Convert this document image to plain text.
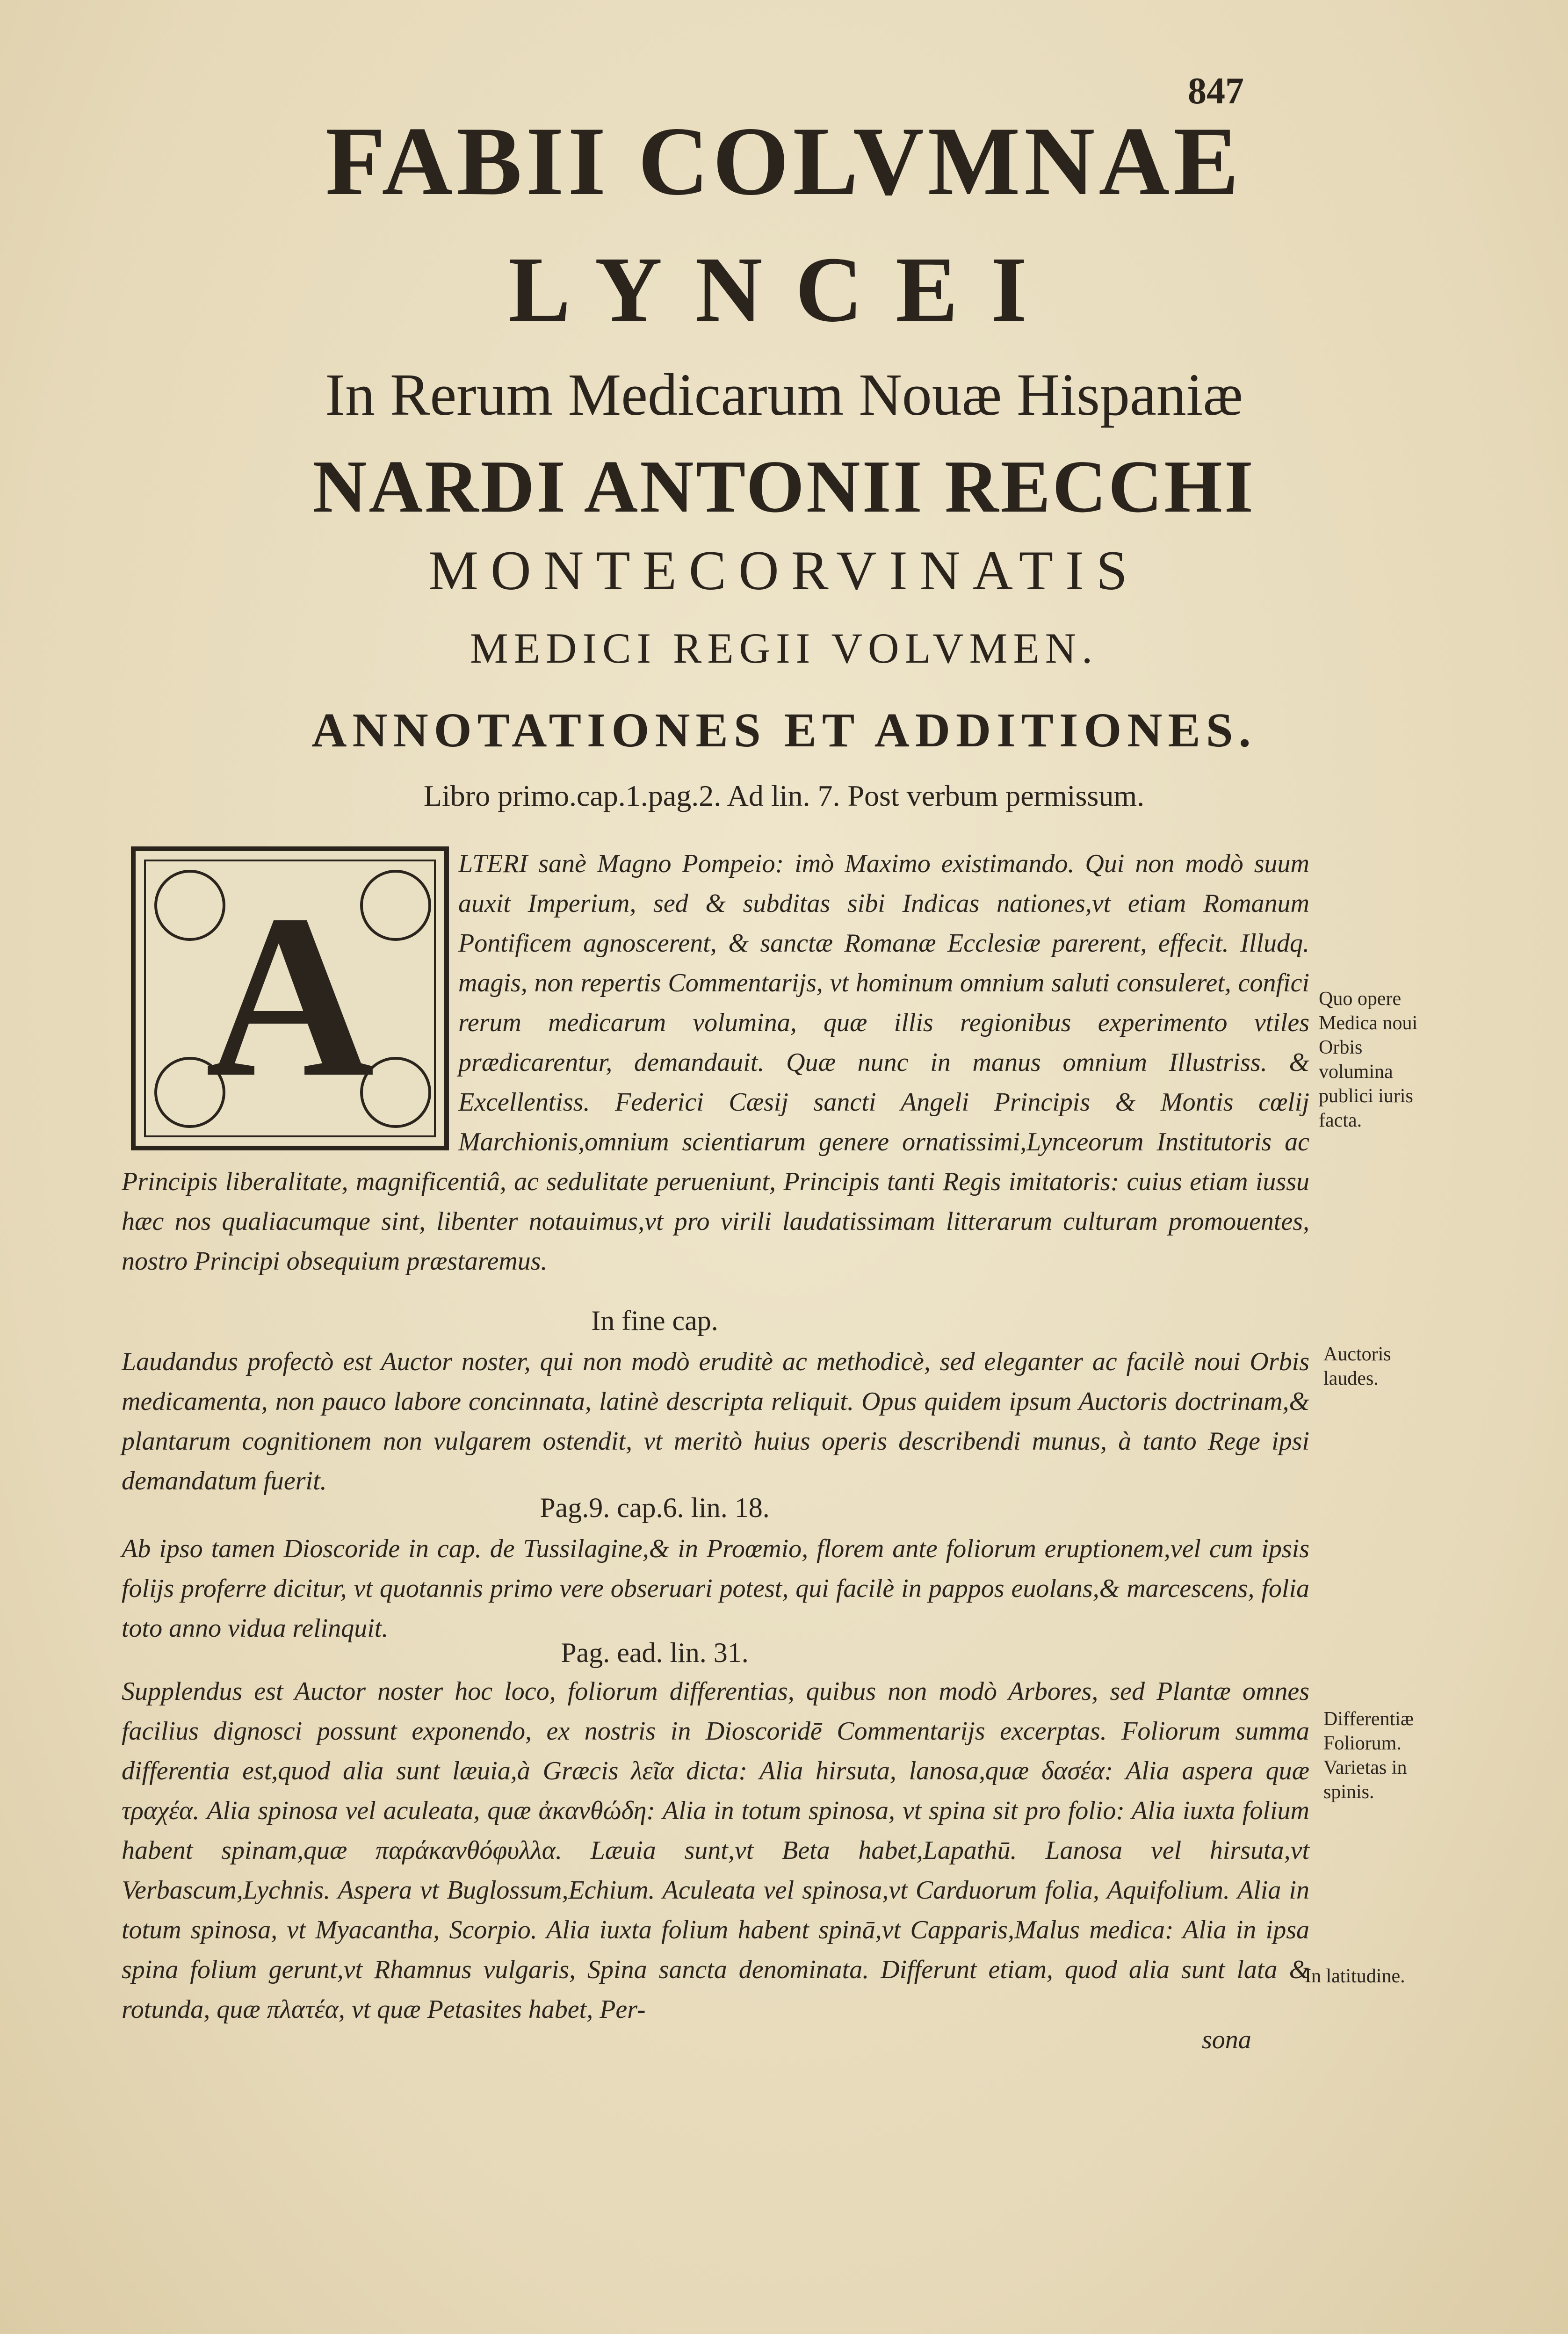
847
FABII COLVMNAE
LYNCEI
In Rerum Medicarum Nouæ Hispaniæ
NARDI ANTONII RECCHI
MONTECORVINATIS
MEDICI REGII VOLVMEN.
ANNOTATIONES ET ADDITIONES.
Libro primo.cap.1.pag.2. Ad lin. 7. Post verbum permissum.
A
LTERI sanè Magno Pompeio: imò Maximo existimando. Qui non modò suum auxit Imperium, sed & subditas sibi Indicas nationes,vt etiam Romanum Pontificem agnoscerent, & sanctæ Romanæ Ecclesiæ parerent, effecit. Illudq. magis, non repertis Commentarijs, vt hominum omnium saluti consuleret, confici rerum medicarum volumina, quæ illis regionibus experimento vtiles prædicarentur, demandauit. Quæ nunc in manus omnium Illustriss. & Excellentiss. Federici Cæsij sancti Angeli Principis & Montis cœlij Marchionis,omnium scientiarum genere ornatissimi,Lynceorum Institutoris ac Principis liberalitate, magnificentiâ, ac sedulitate perueniunt, Principis tanti Regis imitatoris: cuius etiam iussu hæc nos qualiacumque sint, libenter notauimus,vt pro virili laudatissimam litterarum culturam promouentes, nostro Principi obsequium præstaremus.
In fine cap.
Laudandus profectò est Auctor noster, qui non modò eruditè ac methodicè, sed eleganter ac facilè noui Orbis medicamenta, non pauco labore concinnata, latinè descripta reliquit. Opus quidem ipsum Auctoris doctrinam,& plantarum cognitionem non vulgarem ostendit, vt meritò huius operis describendi munus, à tanto Rege ipsi demandatum fuerit.
Pag.9. cap.6. lin. 18.
Ab ipso tamen Dioscoride in cap. de Tussilagine,& in Proœmio, florem ante foliorum eruptionem,vel cum ipsis folijs proferre dicitur, vt quotannis primo vere obseruari potest, qui facilè in pappos euolans,& marcescens, folia toto anno vidua relinquit.
Pag. ead. lin. 31.
Supplendus est Auctor noster hoc loco, foliorum differentias, quibus non modò Arbores, sed Plantæ omnes facilius dignosci possunt exponendo, ex nostris in Dioscoridē Commentarijs excerptas. Foliorum summa differentia est,quod alia sunt læuia,à Græcis λεῖα dicta: Alia hirsuta, lanosa,quæ δασέα: Alia aspera quæ τραχέα. Alia spinosa vel aculeata, quæ ἀκανθώδη: Alia in totum spinosa, vt spina sit pro folio: Alia iuxta folium habent spinam,quæ παράκανθόφυλλα. Læuia sunt,vt Beta habet,Lapathū. Lanosa vel hirsuta,vt Verbascum,Lychnis. Aspera vt Buglossum,Echium. Aculeata vel spinosa,vt Carduorum folia, Aquifolium. Alia in totum spinosa, vt Myacantha, Scorpio. Alia iuxta folium habent spinā,vt Capparis,Malus medica: Alia in ipsa spina folium gerunt,vt Rhamnus vulgaris, Spina sancta denominata. Differunt etiam, quod alia sunt lata & rotunda, quæ πλατέα, vt quæ Petasites habet, Per-
sona
Quo opere Medica noui Orbis volumina publici iuris facta.
Auctoris laudes.
Differentiæ Foliorum. Varietas in spinis.
In latitudine.
